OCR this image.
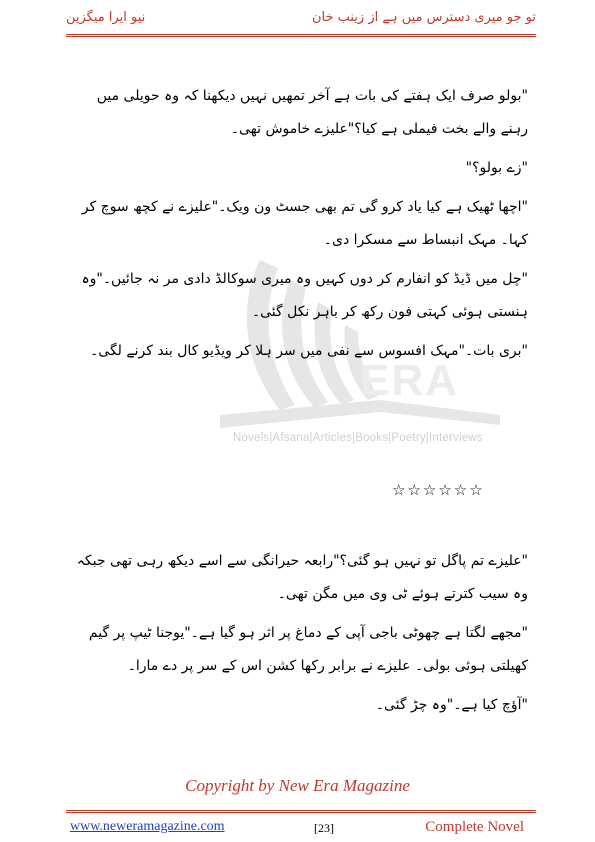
نیو ایرا میگزین	تو جو میری دسترس میں ہے از زینب خان
ERA
Novels|Afsana|Articles|Books|Poetry|Interviews

"بولو صرف ایک ہفتے کی بات ہے آخر تمھیں نہیں دیکھنا کہ وہ حویلی میں رہنے والے بخت فیملی ہے کیا؟"علیزے خاموش تھی۔

"زے بولو؟"

"اچھا ٹھیک ہے کیا یاد کرو گی تم بھی جسٹ ون ویک۔"علیزے نے کچھ سوچ کر کہا۔ مہک انبساط سے مسکرا دی۔

"چل میں ڈیڈ کو انفارم کر دوں کہیں وہ میری سوکالڈ دادی مر نہ جائیں۔"وہ ہنستی ہوئی کہتی فون رکھ کر باہر نکل گئی۔

"بری بات۔"مہک افسوس سے نفی میں سر ہلا کر ویڈیو کال بند کرنے لگی۔

☆☆☆☆☆☆

"علیزے تم پاگل تو نہیں ہو گئی؟"رابعہ حیرانگی سے اسے دیکھ رہی تھی جبکہ وہ سیب کترتے ہوئے ٹی وی میں مگن تھی۔

"مجھے لگتا ہے چھوٹی باجی آپی کے دماغ پر اثر ہو گیا ہے۔"یوجنا ٹیپ پر گیم کھیلتی ہوئی بولی۔ علیزے نے برابر رکھا کشن اس کے سر پر دے مارا۔

"آؤچ کیا ہے۔"وہ چڑ گئی۔

Copyright by New Era Magazine
www.neweramagazine.com	[23]	Complete Novel
